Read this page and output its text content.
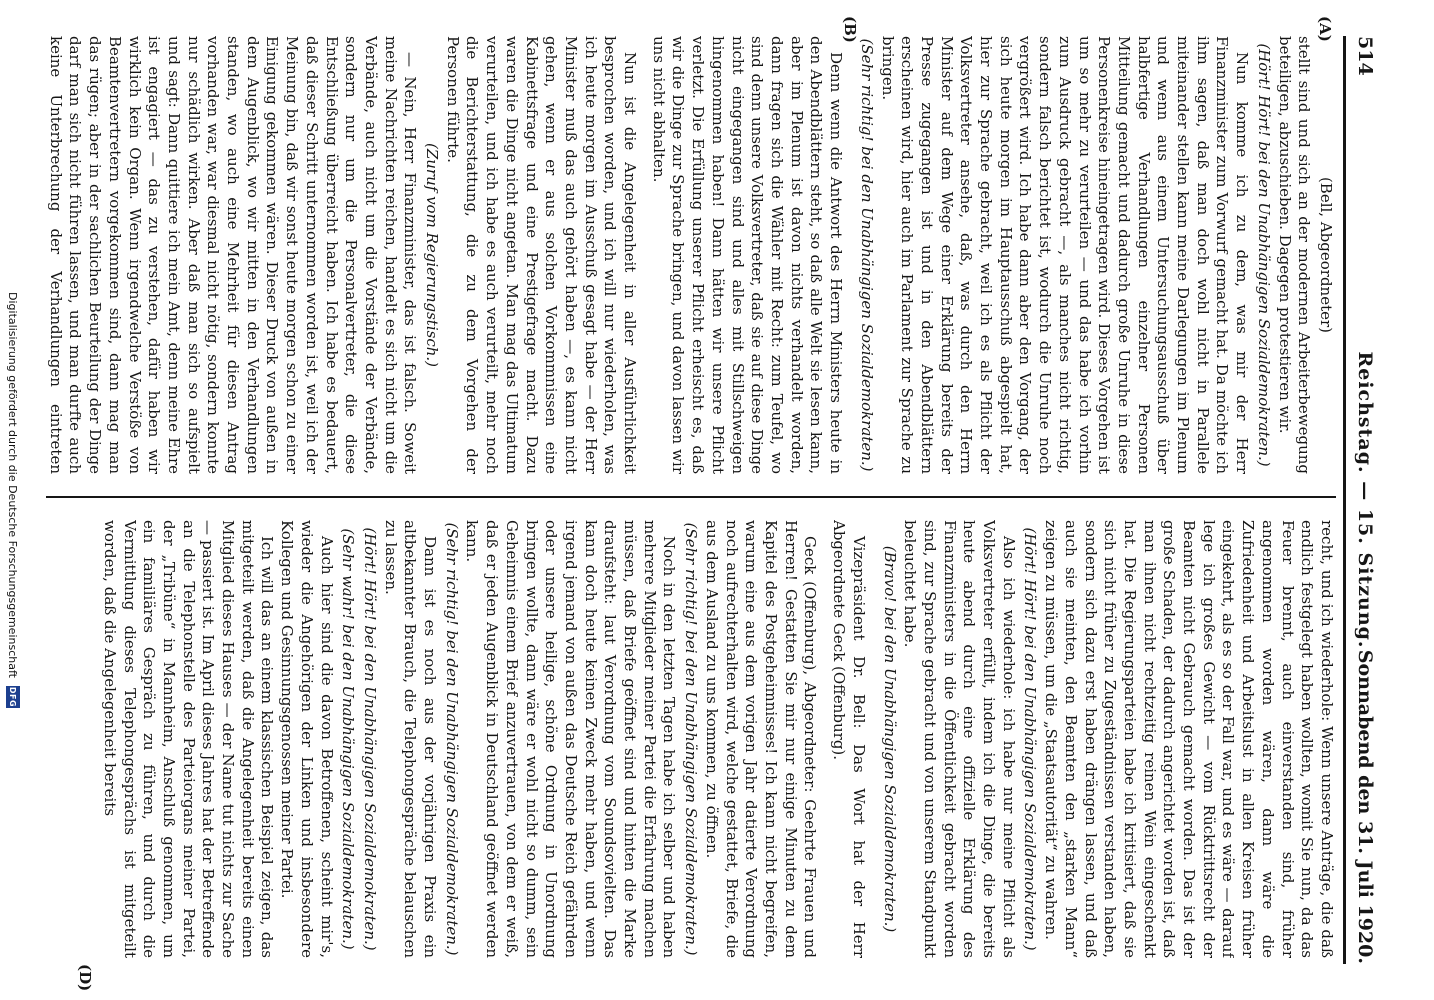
514
Reichstag. — 15. Sitzung.
Sonnabend den 31. Juli 1920.
(A)
(B)
(D)

(Bell, Abgeordneter)

stellt sind und sich an der modernen Arbeiterbewegung beteiligen, abzuschieben. Dagegen protestieren wir.

(Hört! Hört! bei den Unabhängigen Sozialdemokraten.)

Nun komme ich zu dem, was mir der Herr Finanzminister zum Vorwurf gemacht hat. Da möchte ich ihm sagen, daß man doch wohl nicht in Parallele miteinander stellen kann meine Darlegungen im Plenum und wenn aus einem Untersuchungsausschuß über halbfertige Verhandlungen einzelner Personen Mitteilung gemacht und dadurch große Unruhe in diese Personenkreise hineingetragen wird. Dieses Vorgehen ist um so mehr zu verurteilen — und das habe ich vorhin zum Ausdruck gebracht —, als manches nicht richtig, sondern falsch berichtet ist, wodurch die Unruhe noch vergrößert wird. Ich habe dann aber den Vorgang, der sich heute morgen im Hauptausschuß abgespielt hat, hier zur Sprache gebracht, weil ich es als Pflicht der Volksvertreter ansehe, daß, was durch den Herrn Minister auf dem Wege einer Erklärung bereits der Presse zugegangen ist und in den Abendblättern erscheinen wird, hier auch im Parlament zur Sprache zu bringen.

(Sehr richtig! bei den Unabhängigen Sozialdemokraten.)

Denn wenn die Antwort des Herrn Ministers heute in den Abendblättern steht, so daß alle Welt sie lesen kann, aber im Plenum ist davon nichts verhandelt worden, dann fragen sich die Wähler mit Recht: zum Teufel, wo sind denn unsere Volksvertreter, daß sie auf diese Dinge nicht eingegangen sind und alles mit Stillschweigen hingenommen haben! Dann hätten wir unsere Pflicht verletzt. Die Erfüllung unserer Pflicht erheischt es, daß wir die Dinge zur Sprache bringen, und davon lassen wir uns nicht abhalten.

Nun ist die Angelegenheit in aller Ausführlichkeit besprochen worden, und ich will nur wiederholen, was ich heute morgen im Ausschuß gesagt habe — der Herr Minister muß das auch gehört haben —, es kann nicht gehen, wenn er aus solchen Vorkommnissen eine Kabinettsfrage und eine Prestigefrage macht. Dazu waren die Dinge nicht angetan. Man mag das Ultimatum verurteilen, und ich habe es auch verurteilt, mehr noch die Berichterstattung, die zu dem Vorgehen der Personen führte.

(Zuruf vom Regierungstisch.)

— Nein, Herr Finanzminister, das ist falsch. Soweit meine Nachrichten reichen, handelt es sich nicht um die Verbände, auch nicht um die Vorstände der Verbände, sondern nur um die Personalvertreter, die diese Entschließung überreicht haben. Ich habe es bedauert, daß dieser Schritt unternommen worden ist, weil ich der Meinung bin, daß wir sonst heute morgen schon zu einer Einigung gekommen wären. Dieser Druck von außen in dem Augenblick, wo wir mitten in den Verhandlungen standen, wo auch eine Mehrheit für diesen Antrag vorhanden war, war diesmal nicht nötig, sondern konnte nur schädlich wirken. Aber daß man sich so aufspielt und sagt: Dann quittiere ich mein Amt, denn meine Ehre ist engagiert — das zu verstehen, dafür haben wir wirklich kein Organ. Wenn irgendwelche Verstöße von Beamtenvertretern vorgekommen sind, dann mag man das rügen; aber in der sachlichen Beurteilung der Dinge darf man sich nicht führen lassen, und man durfte auch keine Unterbrechung der Verhandlungen eintreten

recht, und ich wiederhole: Wenn unsere Anträge, die daß endlich festgelegt haben wollten, womit Sie nun, da das Feuer brennt, auch einverstanden sind, früher angenommen worden wären, dann wäre die Zufriedenheit und Arbeitslust in allen Kreisen früher eingekehrt, als es so der Fall war, und es wäre — darauf lege ich großes Gewicht — vom Rücktrittsrecht der Beamten nicht Gebrauch gemacht worden. Das ist der große Schaden, der dadurch angerichtet worden ist, daß man ihnen nicht rechtzeitig reinen Wein eingeschenkt hat. Die Regierungsparteien habe ich kritisiert, daß sie sich nicht früher zu Zugeständnissen verstanden haben, sondern sich dazu erst haben drängen lassen, und daß auch sie meinten, den Beamten den „starken Mann“ zeigen zu müssen, um die „Staatsautorität“ zu wahren.

(Hört! Hört! bei den Unabhängigen Sozialdemokraten.)

Also ich wiederhole: ich habe nur meine Pflicht als Volksvertreter erfüllt, indem ich die Dinge, die bereits heute abend durch eine offizielle Erklärung des Finanzministers in die Öffentlichkeit gebracht worden sind, zur Sprache gebracht und von unserem Standpunkt beleuchtet habe.

(Bravo! bei den Unabhängigen Sozialdemokraten.)

Vizepräsident Dr. Bell: Das Wort hat der Herr Abgeordnete Geck (Offenburg).

Geck (Offenburg), Abgeordneter: Geehrte Frauen und Herren! Gestatten Sie mir nur einige Minuten zu dem Kapitel des Postgeheimnisses! Ich kann nicht begreifen, warum eine aus dem vorigen Jahr datierte Verordnung noch aufrechterhalten wird, welche gestattet, Briefe, die aus dem Ausland zu uns kommen, zu öffnen.

(Sehr richtig! bei den Unabhängigen Sozialdemokraten.)

Noch in den letzten Tagen habe ich selber und haben mehrere Mitglieder meiner Partei die Erfahrung machen müssen, daß Briefe geöffnet sind und hinten die Marke draufsteht: laut Verordnung vom Soundsovielten. Das kann doch heute keinen Zweck mehr haben, und wenn irgend jemand von außen das Deutsche Reich gefährden oder unsere heilige, schöne Ordnung in Unordnung bringen wollte, dann wäre er wohl nicht so dumm, sein Geheimnis einem Brief anzuvertrauen, von dem er weiß, daß er jeden Augenblick in Deutschland geöffnet werden kann.

(Sehr richtig! bei den Unabhängigen Sozialdemokraten.)

Dann ist es noch aus der vorjährigen Praxis ein altbekannter Brauch, die Telephongespräche belauschen zu lassen.

(Hört! Hört! bei den Unabhängigen Sozialdemokraten.)

(Sehr wahr! bei den Unabhängigen Sozialdemokraten.)

Auch hier sind die davon Betroffenen, scheint mir's, wieder die Angehörigen der Linken und insbesondere Kollegen und Gesinnungsgenossen meiner Partei.

Ich will das an einem klassischen Beispiel zeigen, das mitgeteilt werden, daß die Angelegenheit bereits einen Mitglied dieses Hauses — der Name tut nichts zur Sache — passiert ist. Im April dieses Jahres hat der Betreffende an die Telephonstelle des Parteiorgans meiner Partei, der „Tribüne“ in Mannheim, Anschluß genommen, um ein familiäres Gespräch zu führen, und durch die Vermittlung dieses Telephongesprächs ist mitgeteilt worden, daß die Angelegenheit bereits

Digitalisierung gefördert durch die Deutsche Forschungsgemeinschaft
DFG
